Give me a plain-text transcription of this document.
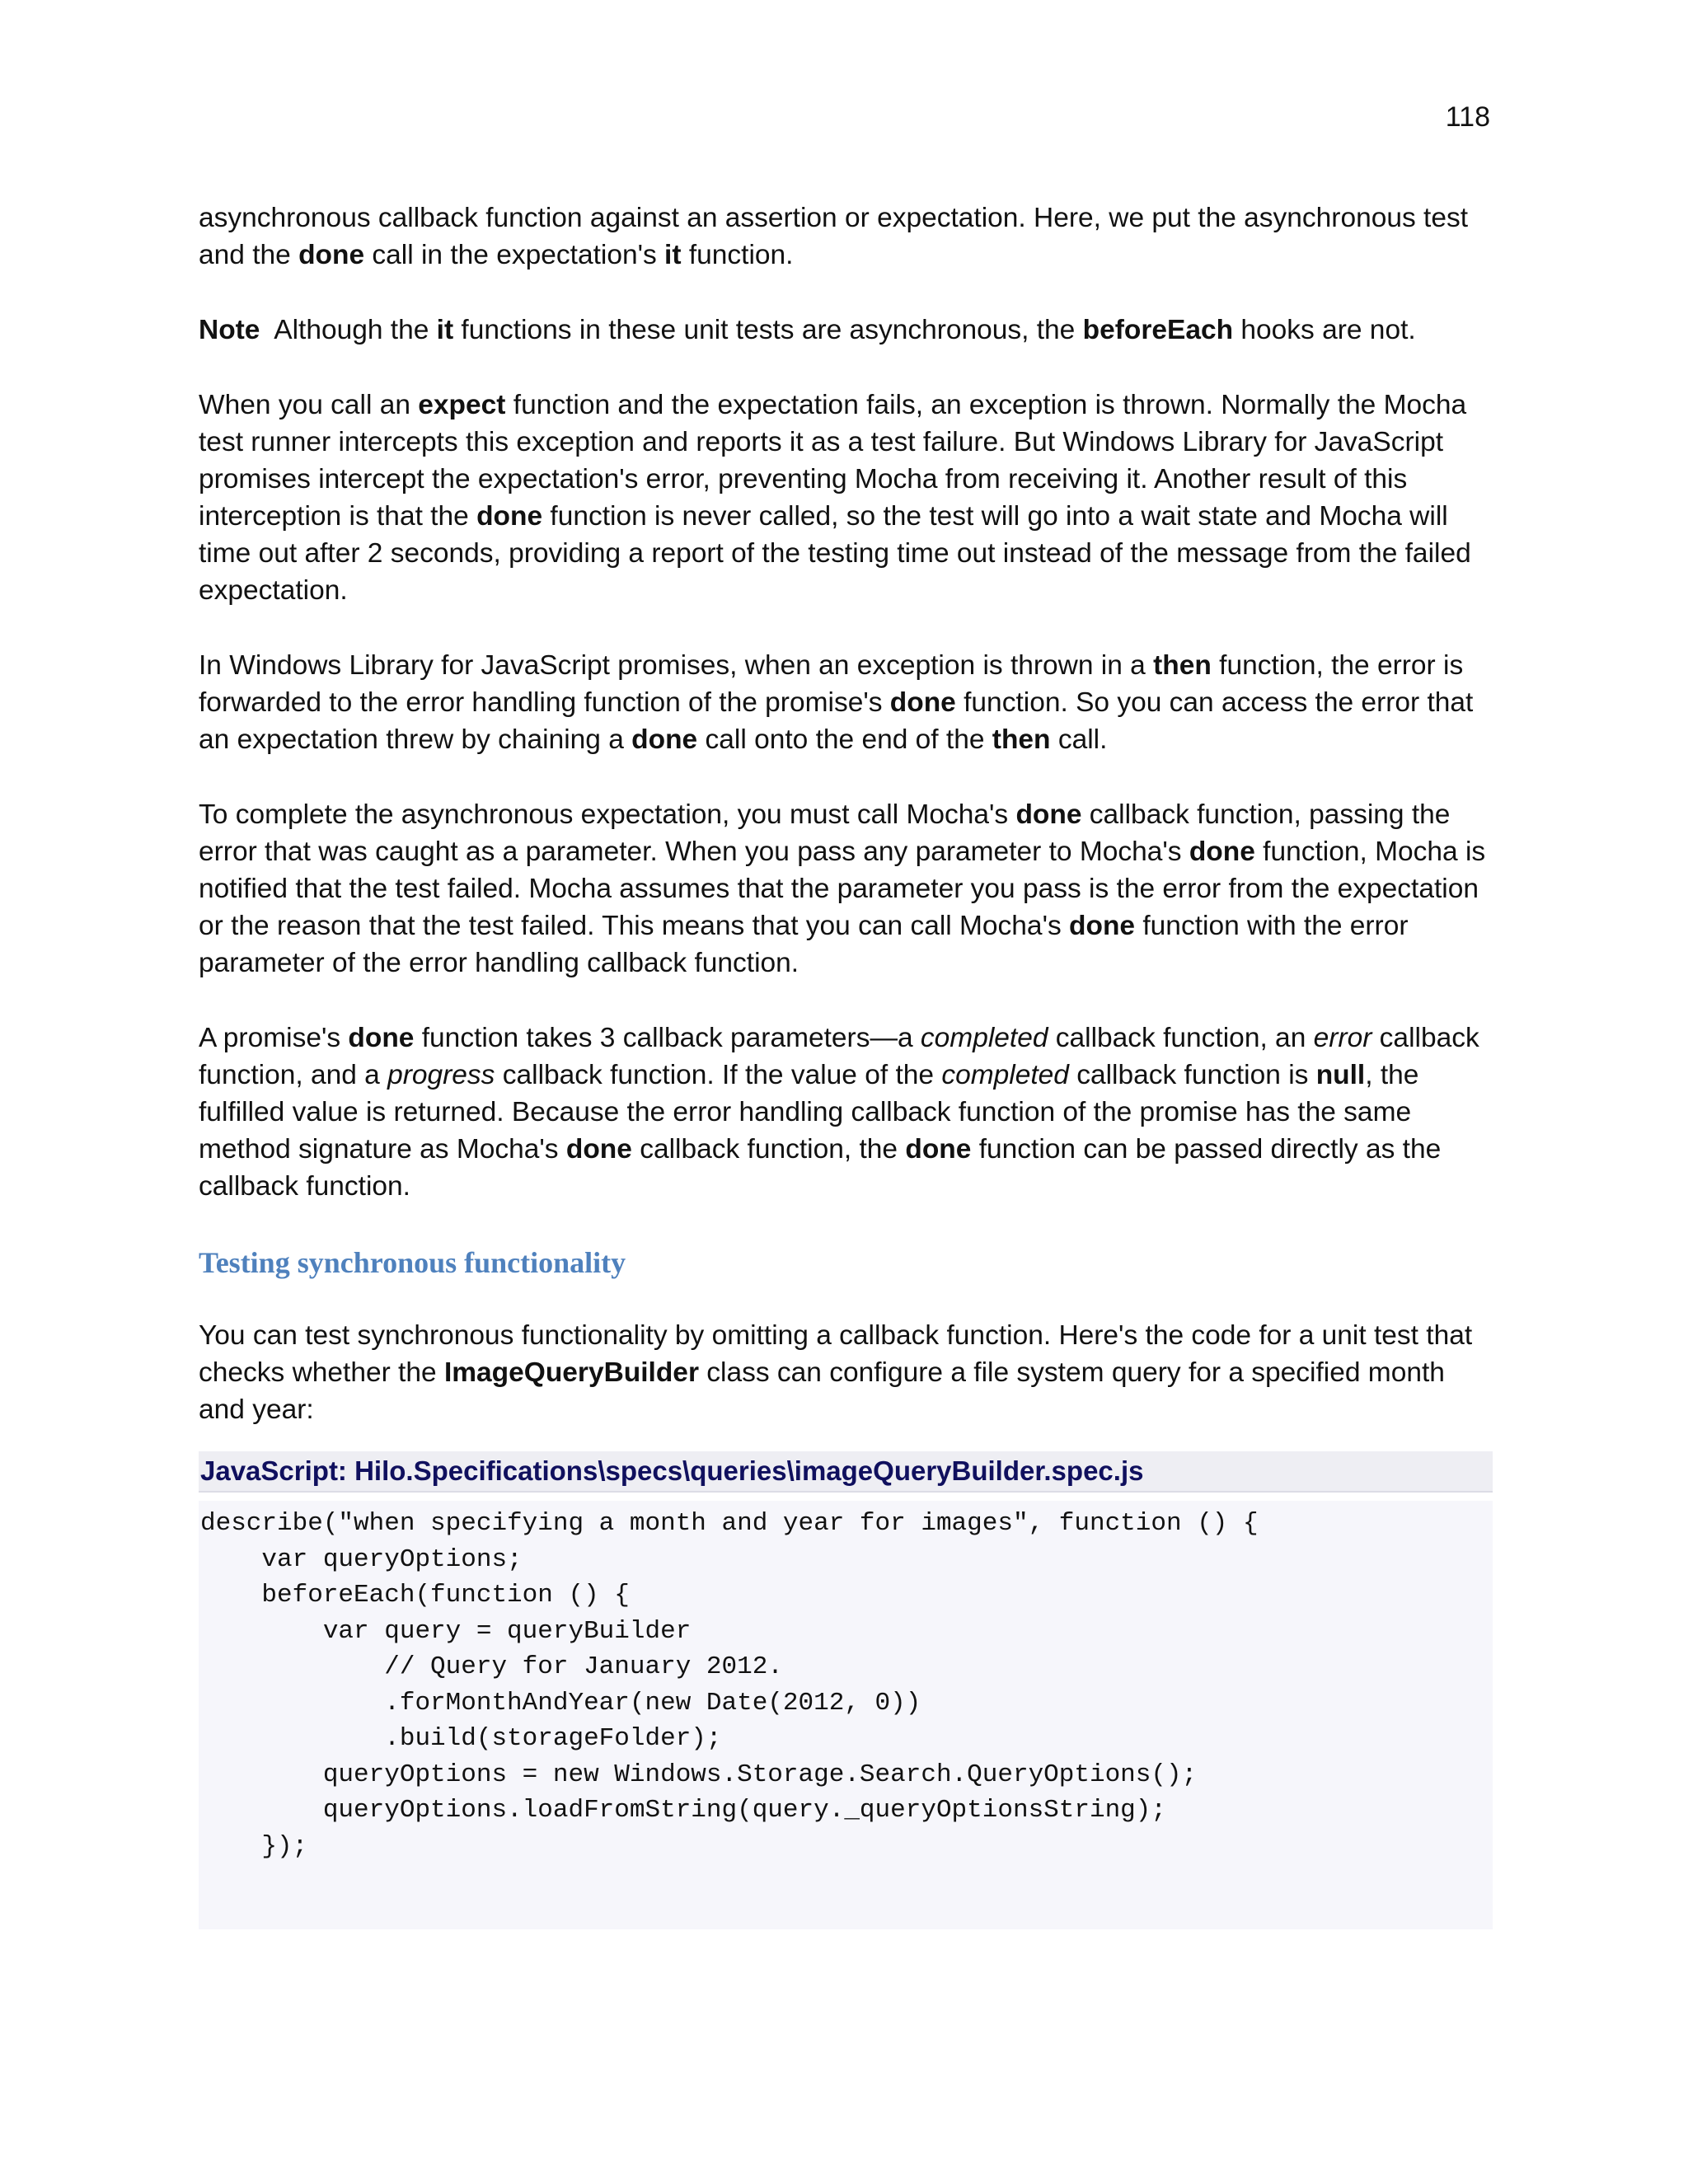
118

asynchronous callback function against an assertion or expectation. Here, we put the asynchronous test and the done call in the expectation's it function.

Note  Although the it functions in these unit tests are asynchronous, the beforeEach hooks are not.

When you call an expect function and the expectation fails, an exception is thrown. Normally the Mocha test runner intercepts this exception and reports it as a test failure. But Windows Library for JavaScript promises intercept the expectation's error, preventing Mocha from receiving it. Another result of this interception is that the done function is never called, so the test will go into a wait state and Mocha will time out after 2 seconds, providing a report of the testing time out instead of the message from the failed expectation.

In Windows Library for JavaScript promises, when an exception is thrown in a then function, the error is forwarded to the error handling function of the promise's done function. So you can access the error that an expectation threw by chaining a done call onto the end of the then call.

To complete the asynchronous expectation, you must call Mocha's done callback function, passing the error that was caught as a parameter. When you pass any parameter to Mocha's done function, Mocha is notified that the test failed. Mocha assumes that the parameter you pass is the error from the expectation or the reason that the test failed. This means that you can call Mocha's done function with the error parameter of the error handling callback function.

A promise's done function takes 3 callback parameters—a completed callback function, an error callback function, and a progress callback function. If the value of the completed callback function is null, the fulfilled value is returned. Because the error handling callback function of the promise has the same method signature as Mocha's done callback function, the done function can be passed directly as the callback function.

Testing synchronous functionality

You can test synchronous functionality by omitting a callback function. Here's the code for a unit test that checks whether the ImageQueryBuilder class can configure a file system query for a specified month and year:

JavaScript: Hilo.Specifications\specs\queries\imageQueryBuilder.spec.js
describe("when specifying a month and year for images", function () {
var queryOptions;
beforeEach(function () {
var query = queryBuilder
// Query for January 2012.
.forMonthAndYear(new Date(2012, 0))
.build(storageFolder);
queryOptions = new Windows.Storage.Search.QueryOptions();
queryOptions.loadFromString(query._queryOptionsString);
});
